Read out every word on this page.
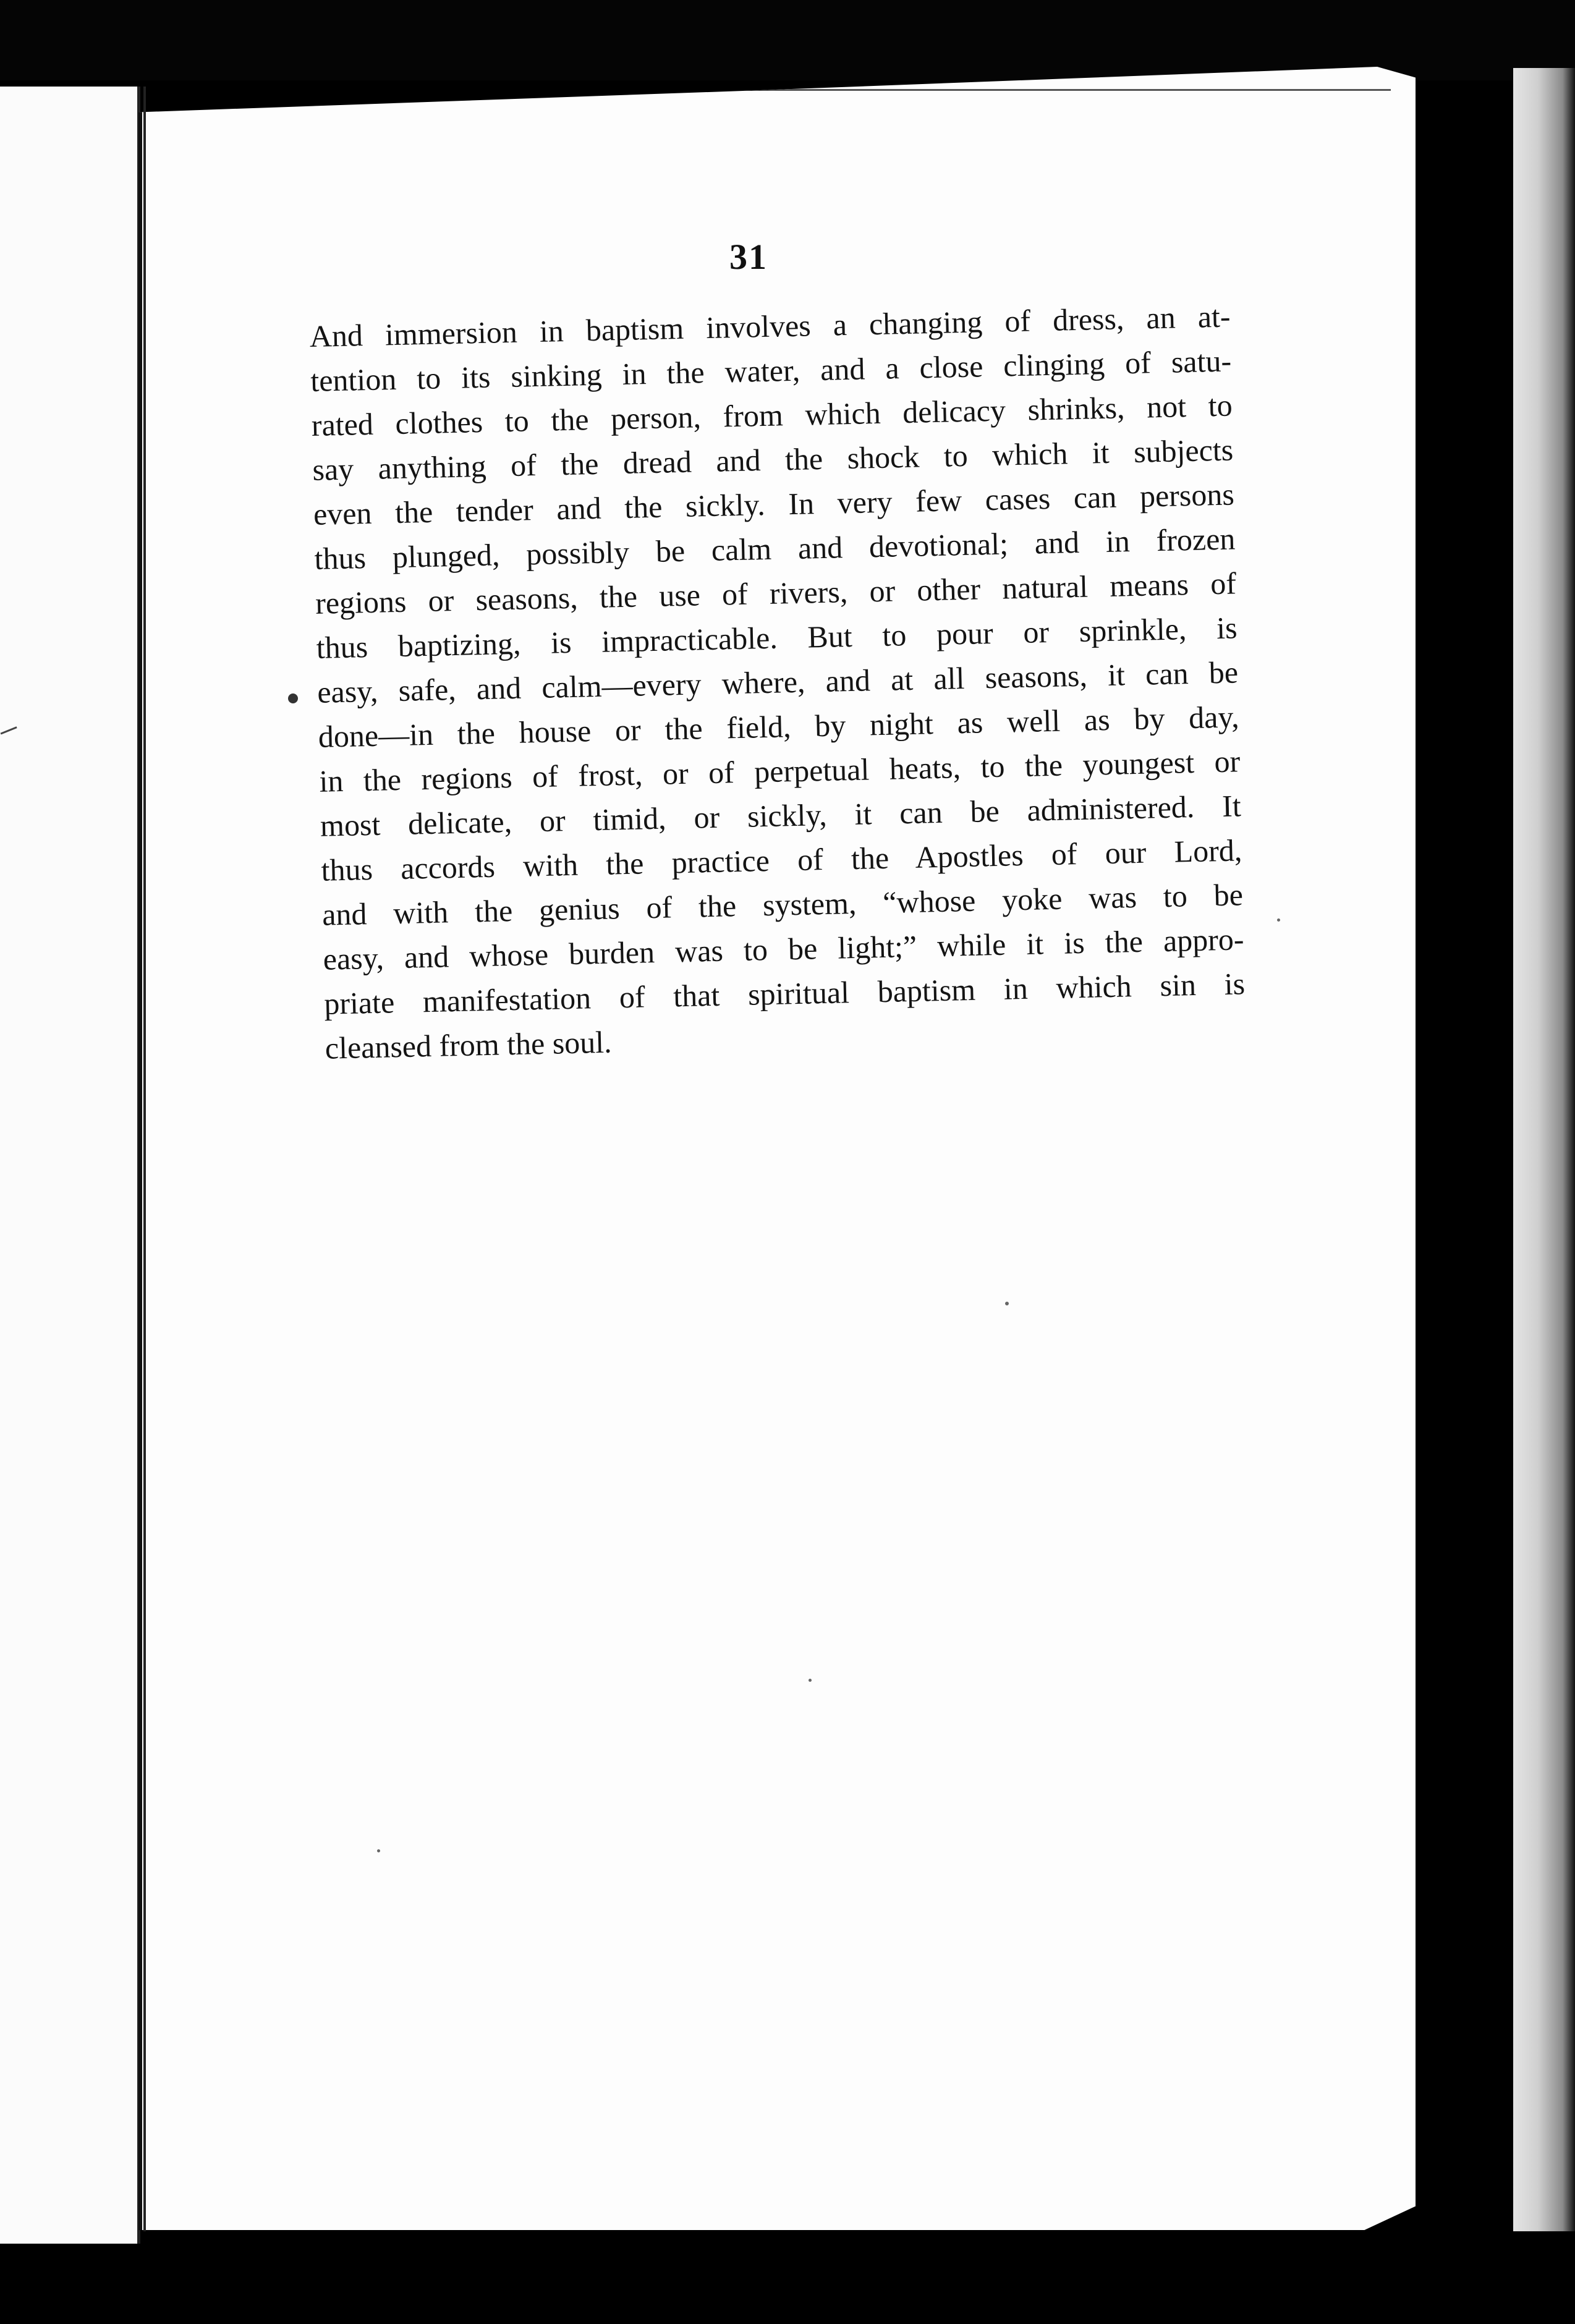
31
And immersion in baptism involves a changing of dress, an at-
tention to its sinking in the water, and a close clinging of satu-
rated clothes to the person, from which delicacy shrinks, not to
say anything of the dread and the shock to which it subjects
even the tender and the sickly. In very few cases can persons
thus plunged, possibly be calm and devotional; and in frozen
regions or seasons, the use of rivers, or other natural means of
thus baptizing, is impracticable. But to pour or sprinkle, is
easy, safe, and calm—every where, and at all seasons, it can be
done—in the house or the field, by night as well as by day,
in the regions of frost, or of perpetual heats, to the youngest or
most delicate, or timid, or sickly, it can be administered. It
thus accords with the practice of the Apostles of our Lord,
and with the genius of the system, “whose yoke was to be
easy, and whose burden was to be light;” while it is the appro-
priate manifestation of that spiritual baptism in which sin is
cleansed from the soul.
